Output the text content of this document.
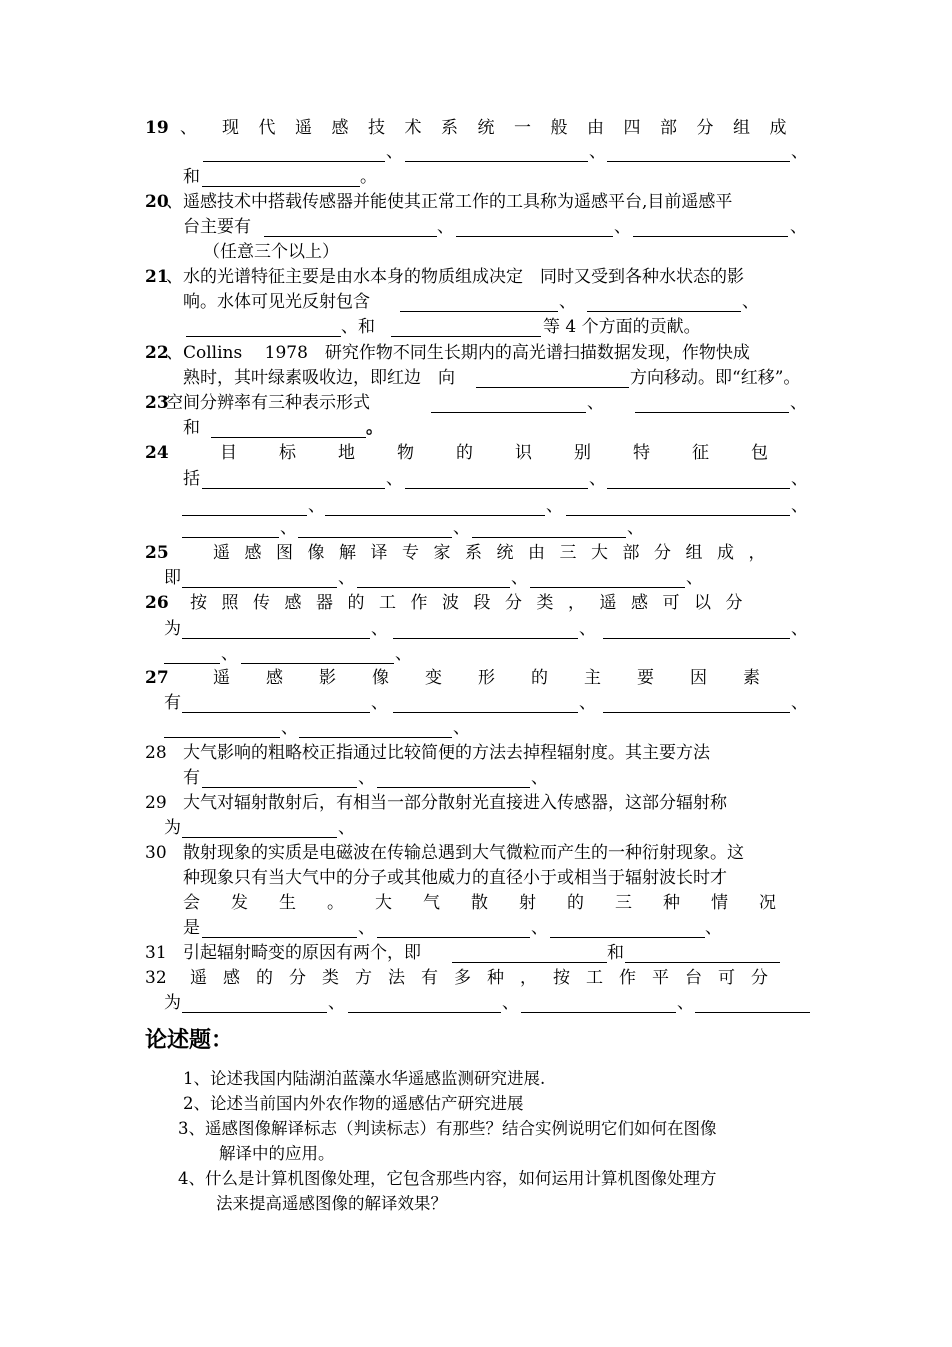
19 、 现代遥感技术系统一般由四部分组成
、	、	、
和	。
20
、遥感技术中搭载传感器并能使其正常工作的工具称为遥感平台,目前遥感平
台主要有	、	、	、
（任意三个以上）
21
、水的光谱特征主要是由水本身的物质组成决定　同时又受到各种水状态的影
响。水体可见光反射包含	、	、
、和	等 4 个方面的贡献。
22
、Collins　 1978　研究作物不同生长期内的高光谱扫描数据发现，作物快成
熟时，其叶绿素吸收边，即红边　向	方向移动。即“红移”。
23
空间分辨率有三种表示形式	、	、
和	。
24	目标地物的识别特征包
括	、	、	、
、	、	、
、	、	、
25	遥感图像解译专家系统由三大部分组成，
即	、	、	、
26 按照传感器的工作波段分类，遥感可以分
为	、	、	、
、	、
27	遥感影像变形的主要因素
有	、	、	、
、	、
28 大气影响的粗略校正指通过比较简便的方法去掉程辐射度。其主要方法
有	、	、
29 大气对辐射散射后，有相当一部分散射光直接进入传感器，这部分辐射称
为	、
30 散射现象的实质是电磁波在传输总遇到大气微粒而产生的一种衍射现象。这
种现象只有当大气中的分子或其他威力的直径小于或相当于辐射波长时才
会发生。大气散射的三种情况
是	、	、	、
31 引起辐射畸变的原因有两个，即	和
32 遥感的分类方法有多种，按工作平台可分
为	、	、	、
论述题：
1、论述我国内陆湖泊蓝藻水华遥感监测研究进展.
2、论述当前国内外农作物的遥感估产研究进展
3、遥感图像解译标志（判读标志）有那些？结合实例说明它们如何在图像
解译中的应用。
4、什么是计算机图像处理，它包含那些内容，如何运用计算机图像处理方
法来提高遥感图像的解译效果？
